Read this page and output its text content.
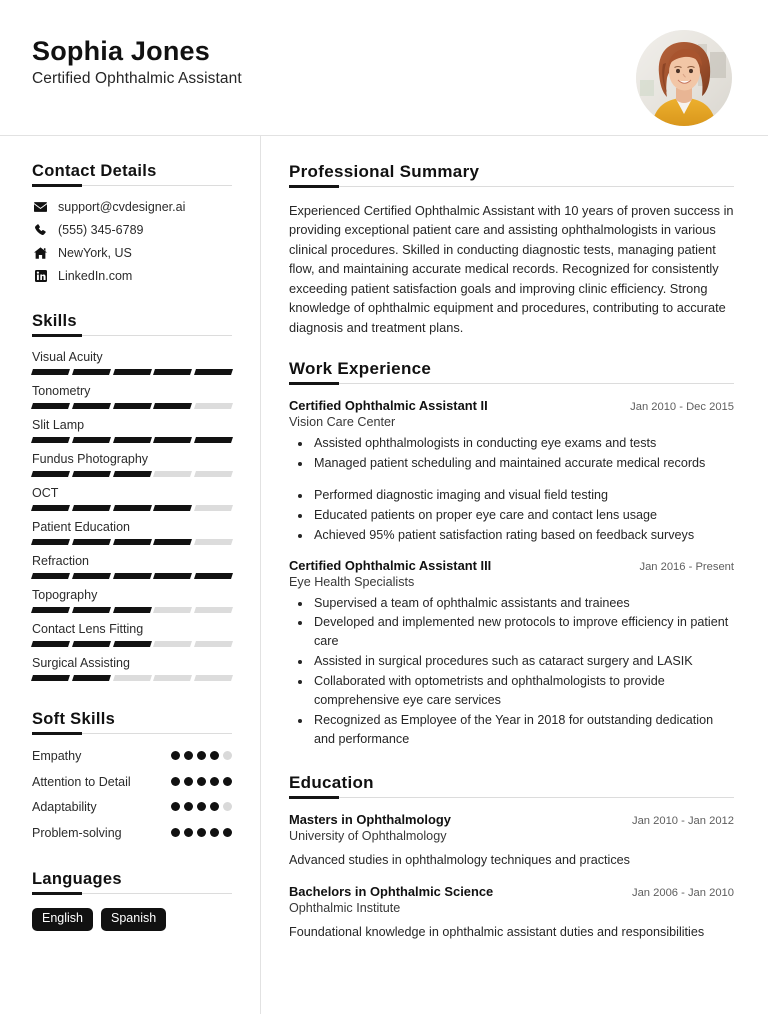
Sophia Jones
Certified Ophthalmic Assistant
Contact Details
support@cvdesigner.ai
(555) 345-6789
NewYork, US
LinkedIn.com
Skills
Visual Acuity
Tonometry
Slit Lamp
Fundus Photography
OCT
Patient Education
Refraction
Topography
Contact Lens Fitting
Surgical Assisting
Soft Skills
Empathy
Attention to Detail
Adaptability
Problem-solving
Languages
English	Spanish
Professional Summary

Experienced Certified Ophthalmic Assistant with 10 years of proven success in providing exceptional patient care and assisting ophthalmologists in various clinical procedures. Skilled in conducting diagnostic tests, managing patient flow, and maintaining accurate medical records. Recognized for consistently exceeding patient satisfaction goals and improving clinic efficiency. Strong knowledge of ophthalmic equipment and procedures, contributing to accurate diagnosis and treatment plans.

Work Experience
Certified Ophthalmic Assistant II	Jan 2010 - Dec 2015
Vision Care Center
• Assisted ophthalmologists in conducting eye exams and tests
• Managed patient scheduling and maintained accurate medical records
• Performed diagnostic imaging and visual field testing
• Educated patients on proper eye care and contact lens usage
• Achieved 95% patient satisfaction rating based on feedback surveys
Certified Ophthalmic Assistant III	Jan 2016 - Present
Eye Health Specialists
• Supervised a team of ophthalmic assistants and trainees
• Developed and implemented new protocols to improve efficiency in patient care
• Assisted in surgical procedures such as cataract surgery and LASIK
• Collaborated with optometrists and ophthalmologists to provide comprehensive eye care services
• Recognized as Employee of the Year in 2018 for outstanding dedication and performance
Education
Masters in Ophthalmology	Jan 2010 - Jan 2012
University of Ophthalmology

Advanced studies in ophthalmology techniques and practices

Bachelors in Ophthalmic Science	Jan 2006 - Jan 2010
Ophthalmic Institute

Foundational knowledge in ophthalmic assistant duties and responsibilities
